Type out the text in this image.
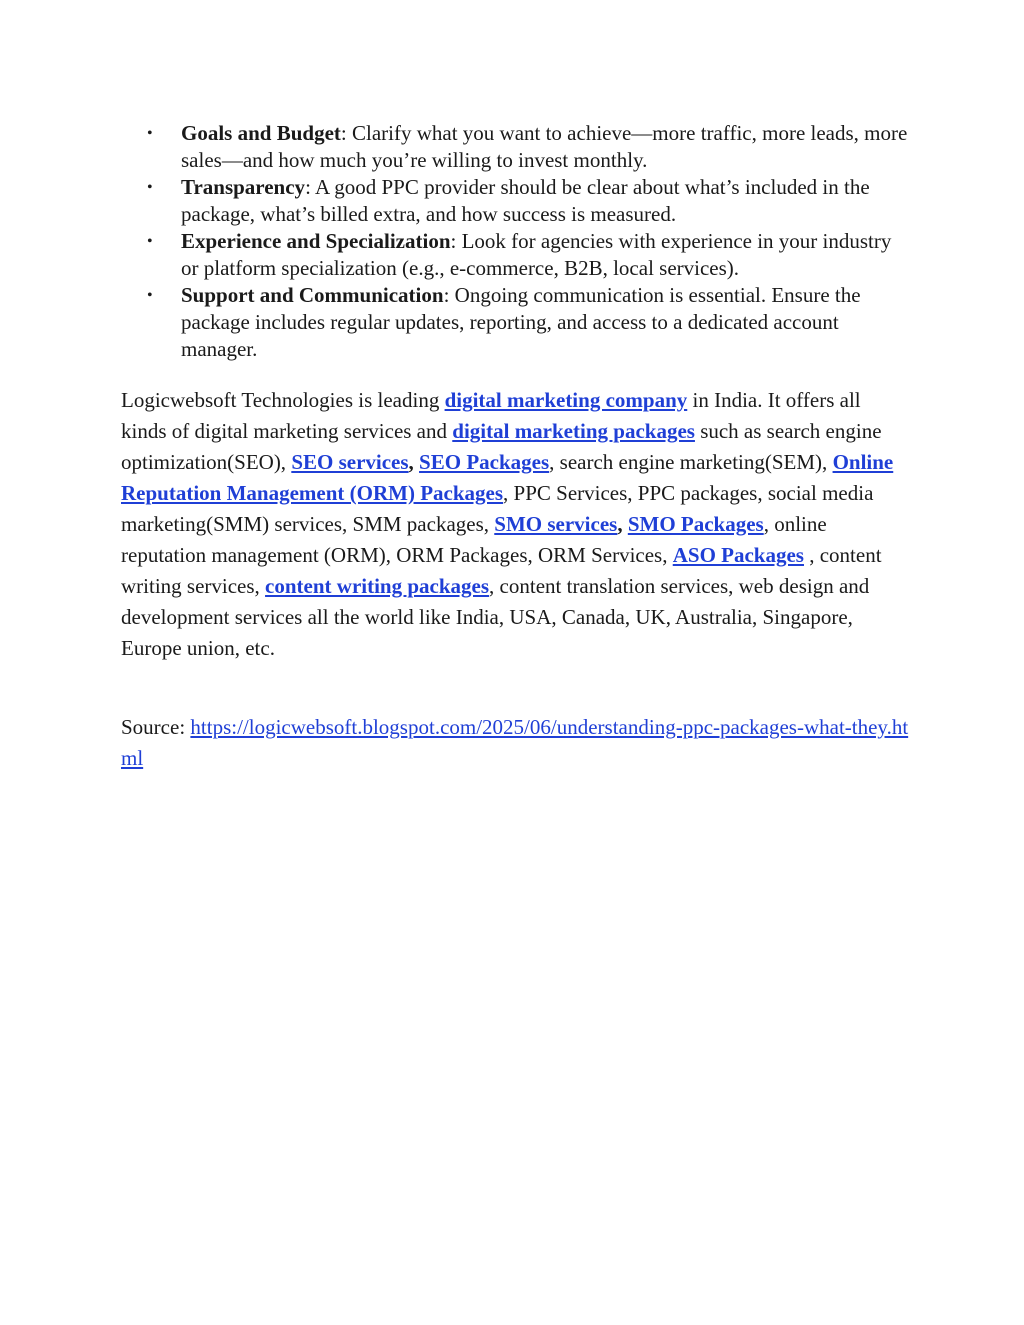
• Goals and Budget: Clarify what you want to achieve—more traffic, more leads, more sales—and how much you’re willing to invest monthly.
• Transparency: A good PPC provider should be clear about what’s included in the package, what’s billed extra, and how success is measured.
• Experience and Specialization: Look for agencies with experience in your industry or platform specialization (e.g., e-commerce, B2B, local services).
• Support and Communication: Ongoing communication is essential. Ensure the package includes regular updates, reporting, and access to a dedicated account manager.

Logicwebsoft Technologies is leading digital marketing company in India. It offers all kinds of digital marketing services and digital marketing packages such as search engine optimization(SEO), SEO services, SEO Packages, search engine marketing(SEM), Online Reputation Management (ORM) Packages, PPC Services, PPC packages, social media marketing(SMM) services, SMM packages, SMO services, SMO Packages, online reputation management (ORM), ORM Packages, ORM Services, ASO Packages , content writing services, content writing packages, content translation services, web design and development services all the world like India, USA, Canada, UK, Australia, Singapore, Europe union, etc.

Source: https://logicwebsoft.blogspot.com/2025/06/understanding-ppc-packages-what-they.html
